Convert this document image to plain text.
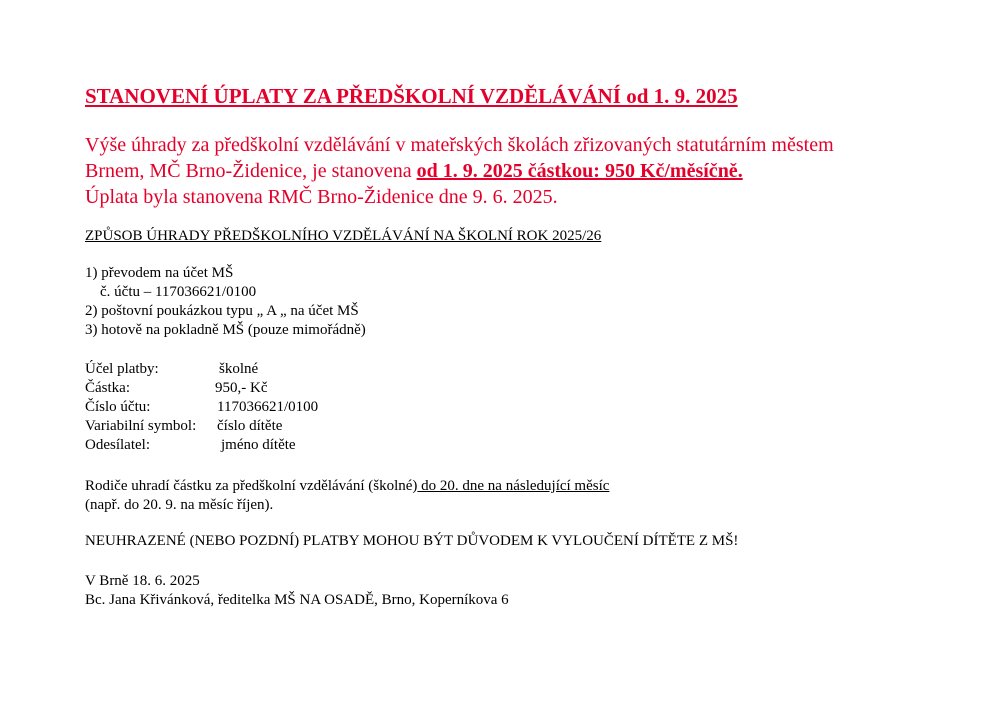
STANOVENÍ ÚPLATY ZA PŘEDŠKOLNÍ VZDĚLÁVÁNÍ od 1. 9. 2025
Výše úhrady za předškolní vzdělávání v mateřských školách zřizovaných statutárním městem
Brnem, MČ Brno-Židenice, je stanovena od 1. 9. 2025 částkou: 950 Kč/měsíčně.
Úplata byla stanovena RMČ Brno-Židenice dne 9. 6. 2025.
ZPŮSOB ÚHRADY PŘEDŠKOLNÍHO VZDĚLÁVÁNÍ NA ŠKOLNÍ ROK 2025/26
1) převodem na účet MŠ
č. účtu – 117036621/0100
2) poštovní poukázkou typu „ A „ na účet MŠ
3) hotově na pokladně MŠ (pouze mimořádně)
Účel platby:	školné
Částka:	950,- Kč
Číslo účtu:	117036621/0100
Variabilní symbol: číslo dítěte
Odesílatel:	jméno dítěte
Rodiče uhradí částku za předškolní vzdělávání (školné) do 20. dne na následující měsíc
(např. do 20. 9. na měsíc říjen).
NEUHRAZENÉ (NEBO POZDNÍ) PLATBY MOHOU BÝT DŮVODEM K VYLOUČENÍ DÍTĚTE Z MŠ!
V Brně 18. 6. 2025
Bc. Jana Křivánková, ředitelka MŠ NA OSADĚ, Brno, Koperníkova 6
